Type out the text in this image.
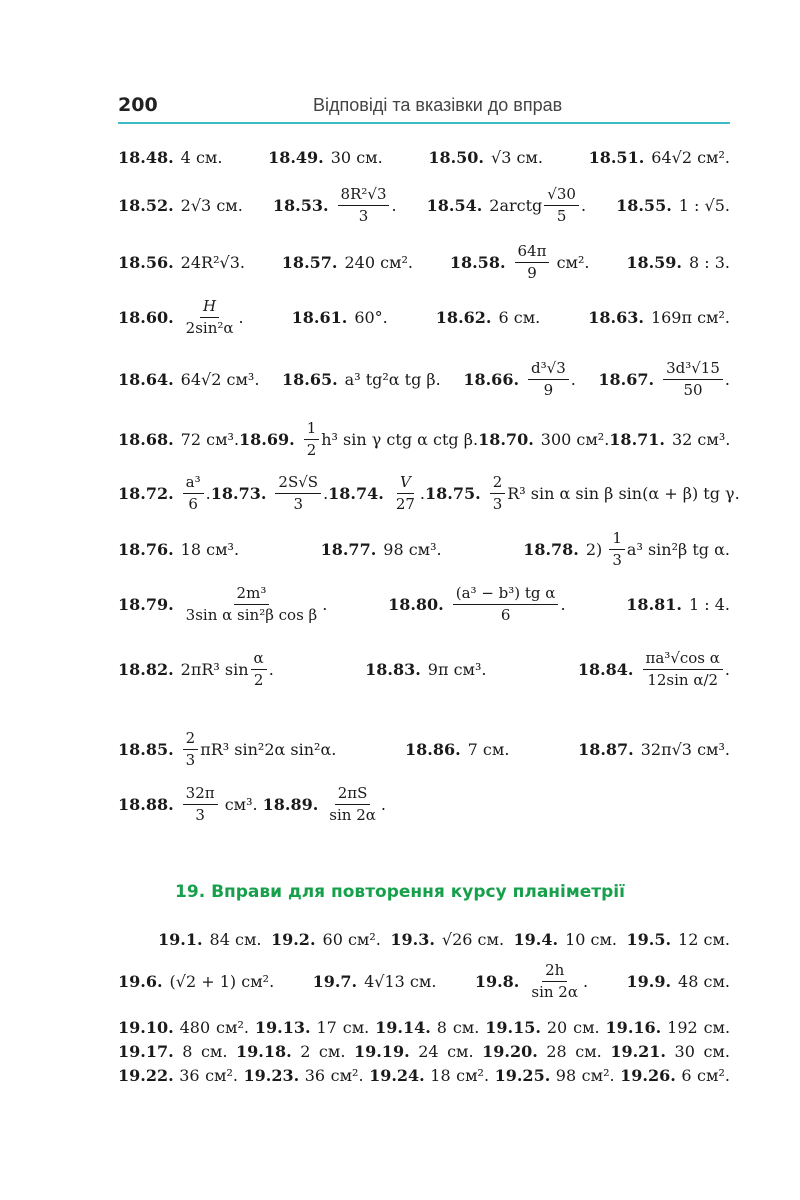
200	Відповіді та вказівки до вправ
18.48. 4 см.	18.49. 30 см.	18.50. √3 см.	18.51. 64√2 см².
18.52. 2√3 см. 18.53. $\frac{\text{8R²√3}}{3}$ . 18.54. 2arctg $\frac{√30}{5}$ . 18.55. 1 : √5.
18.56. 24R²√3. 18.57. 240 см². 18.58. $\frac{64\pi}{9}$
см². 18.59. 8 : 3.
18.60. $\frac{H}{\text{2sin²α}}$ .	18.61. 60°.	18.62. 6 см.	18.63. 169π см².
18.64. 64√2 см³. 18.65. a³ tg²α tg β. 18.66. $\frac{\text{d³√3}}{9}$ . 18.67. $\frac{\text{3d³√15}}{50}$ .
18.68. 72 см³. 18.69. $\frac{1}{2} h^3$ sin γ ctg α ctg β. 18.70. 300 см². 18.71. 32 см³.
18.72. $\frac{\text{a³}}{6}$ . 18.73. $\frac{2S√S}{3}$ . 18.74. $\frac{V}{27}$ . 18.75. $\frac{2}{3} R^3$ sin α sin β sin(α + β) tg γ.
18.76. 18 см³.	18.77. 98 см³.	18.78. 2)
$\frac{1}{3} a^3$ sin²β tg α.
18.79. $\frac{\text{2m³}}{\text{3sin α sin²β cos β}}$ .	18.80. $\frac{\text{(a³ − b³) tg α}}{6}$ .	18.81. 1 : 4.
18.82. 2πR³ $\sin \frac{\alpha}{2}$ .	18.83. 9π см³.	18.84. $\frac{\text{πa³√cos α}}{\text{12sin α/2}}$ .
18.85. $\frac{2}{3} \pi R^3$ sin²2α sin²α.	18.86. 7 см.	18.87. 32π√3 см³.
18.88. $\frac{32\pi}{3}$
см³. 18.89. $\frac{2\pi S}{\sin 2\alpha}$ .
19. Вправи для повторення курсу планіметрії
19.1. 84 см. 19.2. 60 см². 19.3. √26 см. 19.4. 10 см. 19.5. 12 см.
19.6. (√2 + 1) см². 19.7. 4√13 см. 19.8. $\frac{2h}{\sin 2\alpha}$ . 19.9. 48 см.
19.10. 480 см². 19.13. 17 см. 19.14. 8 см. 19.15. 20 см. 19.16. 192 см.
19.17. 8 см. 19.18. 2 см. 19.19. 24 см. 19.20. 28 см. 19.21. 30 см.
19.22. 36 см². 19.23. 36 см². 19.24. 18 см². 19.25. 98 см². 19.26. 6 см².
